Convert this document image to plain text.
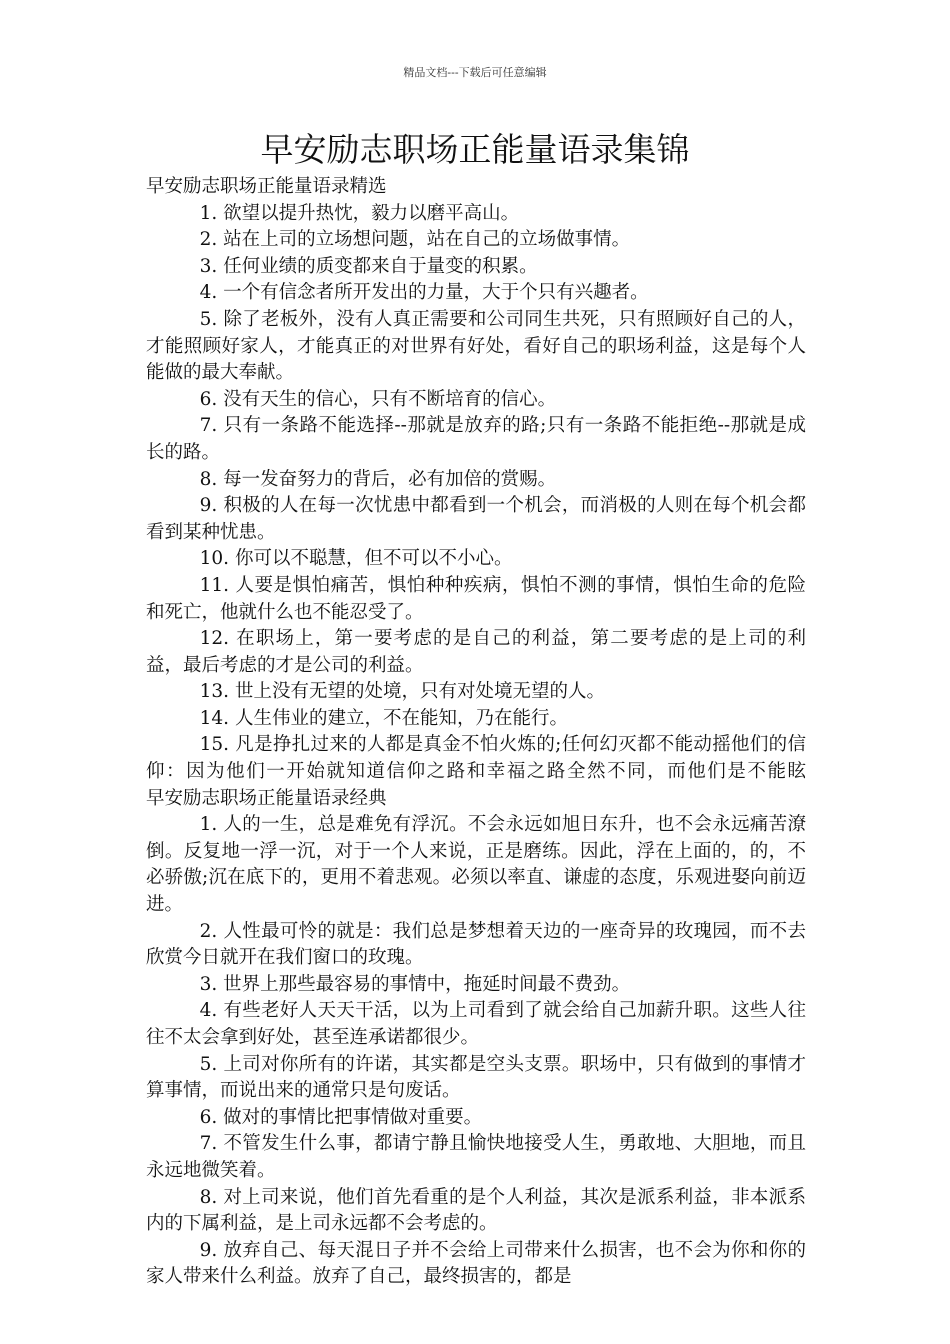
精品文档---下载后可任意编辑
早安励志职场正能量语录集锦

早安励志职场正能量语录精选

1. 欲望以提升热忱，毅力以磨平高山。

2. 站在上司的立场想问题，站在自己的立场做事情。

3. 任何业绩的质变都来自于量变的积累。

4. 一个有信念者所开发出的力量，大于个只有兴趣者。

5. 除了老板外，没有人真正需要和公司同生共死，只有照顾好自己的人，才能照顾好家人，才能真正的对世界有好处，看好自己的职场利益，这是每个人能做的最大奉献。

6. 没有天生的信心，只有不断培育的信心。

7. 只有一条路不能选择--那就是放弃的路;只有一条路不能拒绝--那就是成长的路。

8. 每一发奋努力的背后，必有加倍的赏赐。

9. 积极的人在每一次忧患中都看到一个机会，而消极的人则在每个机会都看到某种忧患。

10. 你可以不聪慧，但不可以不小心。

11. 人要是惧怕痛苦，惧怕种种疾病，惧怕不测的事情，惧怕生命的危险和死亡，他就什么也不能忍受了。

12. 在职场上，第一要考虑的是自己的利益，第二要考虑的是上司的利益，最后考虑的才是公司的利益。

13. 世上没有无望的处境，只有对处境无望的人。

14. 人生伟业的建立，不在能知，乃在能行。

15. 凡是挣扎过来的人都是真金不怕火炼的;任何幻灭都不能动摇他们的信仰：因为他们一开始就知道信仰之路和幸福之路全然不同，而他们是不能眩　　早安励志职场正能量语录经典

1. 人的一生，总是难免有浮沉。不会永远如旭日东升，也不会永远痛苦潦倒。反复地一浮一沉，对于一个人来说，正是磨练。因此，浮在上面的，的，不必骄傲;沉在底下的，更用不着悲观。必须以率直、谦虚的态度，乐观进娶向前迈进。

2. 人性最可怜的就是：我们总是梦想着天边的一座奇异的玫瑰园，而不去欣赏今日就开在我们窗口的玫瑰。

3. 世界上那些最容易的事情中，拖延时间最不费劲。

4. 有些老好人天天干活，以为上司看到了就会给自己加薪升职。这些人往往不太会拿到好处，甚至连承诺都很少。

5. 上司对你所有的许诺，其实都是空头支票。职场中，只有做到的事情才算事情，而说出来的通常只是句废话。

6. 做对的事情比把事情做对重要。

7. 不管发生什么事，都请宁静且愉快地接受人生，勇敢地、大胆地，而且永远地微笑着。

8. 对上司来说，他们首先看重的是个人利益，其次是派系利益，非本派系内的下属利益，是上司永远都不会考虑的。

9. 放弃自己、每天混日子并不会给上司带来什么损害，也不会为你和你的家人带来什么利益。放弃了自己，最终损害的，都是
